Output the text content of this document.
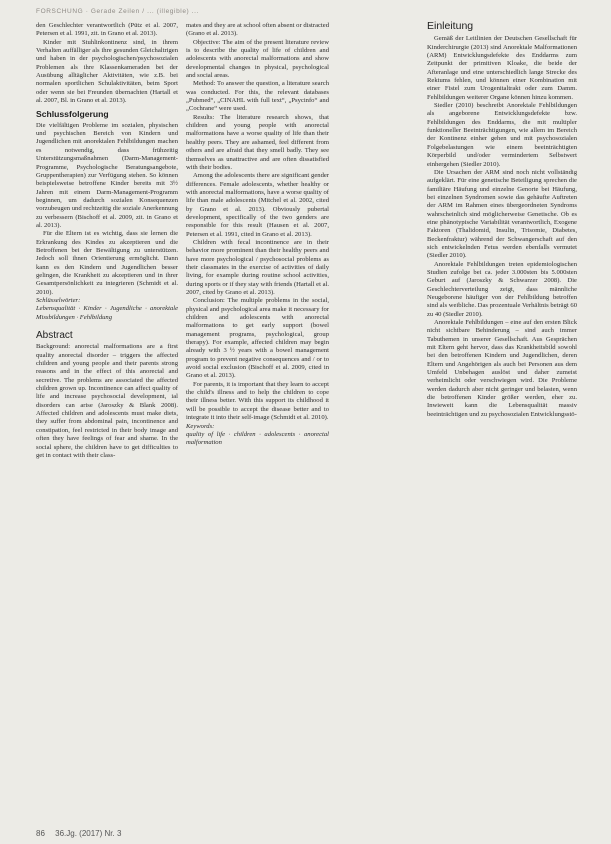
FORSCHUNG · Gerade Zeilen / ... (illegible) ...

den Geschlechter verantwortlich (Pütz et al. 2007, Petersen et al. 1991, zit. in Grano et al. 2013).

Kinder mit Stuhlinkontinenz sind, in ihrem Verhalten auffälliger als ihre gesunden Gleichaltrigen und haben in der psychologischen/psychosozialen Problemen als ihre Klassenkameraden bei der Ausübung alltäglicher Aktivitäten, wie z.B. bei normalen sportlichen Schulaktivitäten, beim Sport oder wenn sie bei Freunden übernachten (Hartall et al. 2007, Bl. in Grano et al. 2013).

Schlussfolgerung

Die vielfältigen Probleme im sozialen, physischen und psychischen Bereich von Kindern und Jugendlichen mit anorektalen Fehlbildungen machen es notwendig, dass frühzeitig Unterstützungsmaßnahmen (Darm-Management-Programme, Psychologische Beratungsangebote, Gruppentherapien) zur Verfügung stehen. So können beispielsweise betroffene Kinder bereits mit 3½ Jahren mit einem Darm-Management-Programm beginnen, um dadurch sozialen Konsequenzen vorzubeugen und rechtzeitig die soziale Anerkennung zu verbessern (Bischoff et al. 2009, zit. in Grano et al. 2013).

Für die Eltern ist es wichtig, dass sie lernen die Erkrankung des Kindes zu akzeptieren und die Betroffenen bei der Bewältigung zu unterstützen. Jedoch soll ihnen Orientierung ermöglicht. Dann kann es den Kindern und Jugendlichen besser gelingen, die Krankheit zu akzeptieren und in ihrer Gesamtpersönlichkeit zu integrieren (Schmidt et al. 2010).

Schlüsselwörter:

Lebensqualität · Kinder · Jugendliche · anorektale Missbildungen · Fehlbildung

Abstract

Background: anorectal malformations are a first quality anorectal disorder – triggers the affected children and young people and their parents strong reasons and in the effect of this anorectal and secretive. The problems are associated the affected children grown up. Incontinence can affect quality of life and increase psychosocial development, ial disorders can arise (Jaroszky & Blank 2008). Affected children and adolescents must make diets, they suffer from abdominal pain, incontinence and constipation, feel restricted in their body image and often they have feelings of fear and shame. In the social sphere, the children have to get difficulties to get in contact with their class-

mates and they are at school often absent or distracted (Grano et al. 2013).

Objective: The aim of the present literature review is to describe the quality of life of children and adolescents with anorectal malformations and show developmental changes in physical, psychological and social areas.

Method: To answer the question, a literature search was conducted. For this, the relevant databases „Pubmed“, „CINAHL with full text“, „Psycinfo“ and „Cochrane“ were used.

Results: The literature research shows, that children and young people with anorectal malformations have a worse quality of life than their healthy peers. They are ashamed, feel different from others and are afraid that they smell badly. They see themselves as unattractive and are often dissatisfied with their bodies.

Among the adolescents there are significant gender differences. Female adolescents, whether healthy or with anorectal malformations, have a worse quality of life than male adolescents (Mitchel et al. 2002, cited by Grano et al. 2013). Obviously pubertal development, specifically of the two genders are responsible for this result (Hausen et al. 2007, Petersen et al. 1991, cited in Grano et al. 2013).

Children with fecal incontinence are in their behavior more prominent than their healthy peers and have more psychological / psychosocial problems as their classmates in the exercise of activities of daily living, for example during routine school activities, during sports or if they stay with friends (Hartall et al. 2007, cited by Grano et al. 2013).

Conclusion: The multiple problems in the social, physical and psychological area make it necessary for children and adolescents with anorectal malformations to get early support (bowel management programs, psychological, group therapy). For example, affected children may begin already with 3 ½ years with a bowel management program to prevent negative consequences and / or to avoid social exclusion (Bischoff et al. 2009, cited in Grano et al. 2013).

For parents, it is important that they learn to accept the child's illness and to help the children to cope their illness better. With this support its childhood it will be possible to accept the disease better and to integrate it into their self-image (Schmidt et al. 2010).

Keywords:

quality of life · children · adolescents · anorectal malformation

Einleitung

Gemäß der Leitlinien der Deutschen Gesellschaft für Kinderchirurgie (2013) sind Anorektale Malformationen (ARM) Entwicklungsdefekte des Enddarms zum Zeitpunkt der primitiven Kloake, die beide der Afteranlage und eine unterschiedlich lange Strecke des Rektums fehlen, und können einer Kombination mit einer Fistel zum Urogenitaltrakt oder zum Damm. Fehlbildungen weiterer Organe können hinzu kommen.

Siedler (2010) beschreibt Anorektale Fehlbildungen als angeborene Entwicklungsdefekte bzw. Fehlbildungen des Enddarms, die mit multipler funktioneller Beeinträchtigungen, wie allem im Bereich der Kontinenz einher gehen und mit psychosozialen Folgebelastungen wie einem beeinträchtigten Körperbild und/oder vermindertem Selbstwert einhergehen (Siedler 2010).

Die Ursachen der ARM sind noch nicht vollständig aufgeklärt. Für eine genetische Beteiligung sprechen die familiäre Häufung und einzelne Genorte bei Häufung, bei einzelnen Syndromen sowie das gehäufte Auftreten der ARM im Rahmen eines übergeordneten Syndroms wahrscheinlich sind möglicherweise Genetische. Ob es eine phänotypische Variabilität verantwortlich, Exogene Faktoren (Thalidomid, Insulin, Trisomie, Diabetes, Beckenfraktur) während der Schwangerschaft auf den sich entwickelnden Fetus werden ebenfalls vermutet (Siedler 2010).

Anorektale Fehlbildungen treten epidemiologischen Studien zufolge bei ca. jeder 3.000sten bis 5.000sten Geburt auf (Jaroszky & Schwarzer 2008). Die Geschlechterverteilung zeigt, dass männliche Neugeborene häufiger von der Fehlbildung betroffen sind als weibliche. Das prozentuale Verhältnis beträgt 60 zu 40 (Siedler 2010).

Anorektale Fehlbildungen – eine auf den ersten Blick nicht sichtbare Behinderung – sind auch immer Tabuthemen in unserer Gesellschaft. Aus Gesprächen mit Eltern geht hervor, dass das Krankheitsbild sowohl bei den betroffenen Kindern und Jugendlichen, deren Eltern und Angehörigen als auch bei Personen aus dem Umfeld Unbehagen auslöst und daher zumeist verheimlicht oder verschwiegen wird. Die Probleme werden dadurch aber nicht geringer und belasten, wenn die betroffenen Kinder größer werden, eher zu. Inwieweit kann die Lebensqualität massiv beeinträchtigen und zu psychosozialen Entwicklungsstö-

86 36.Jg. (2017) Nr. 3
